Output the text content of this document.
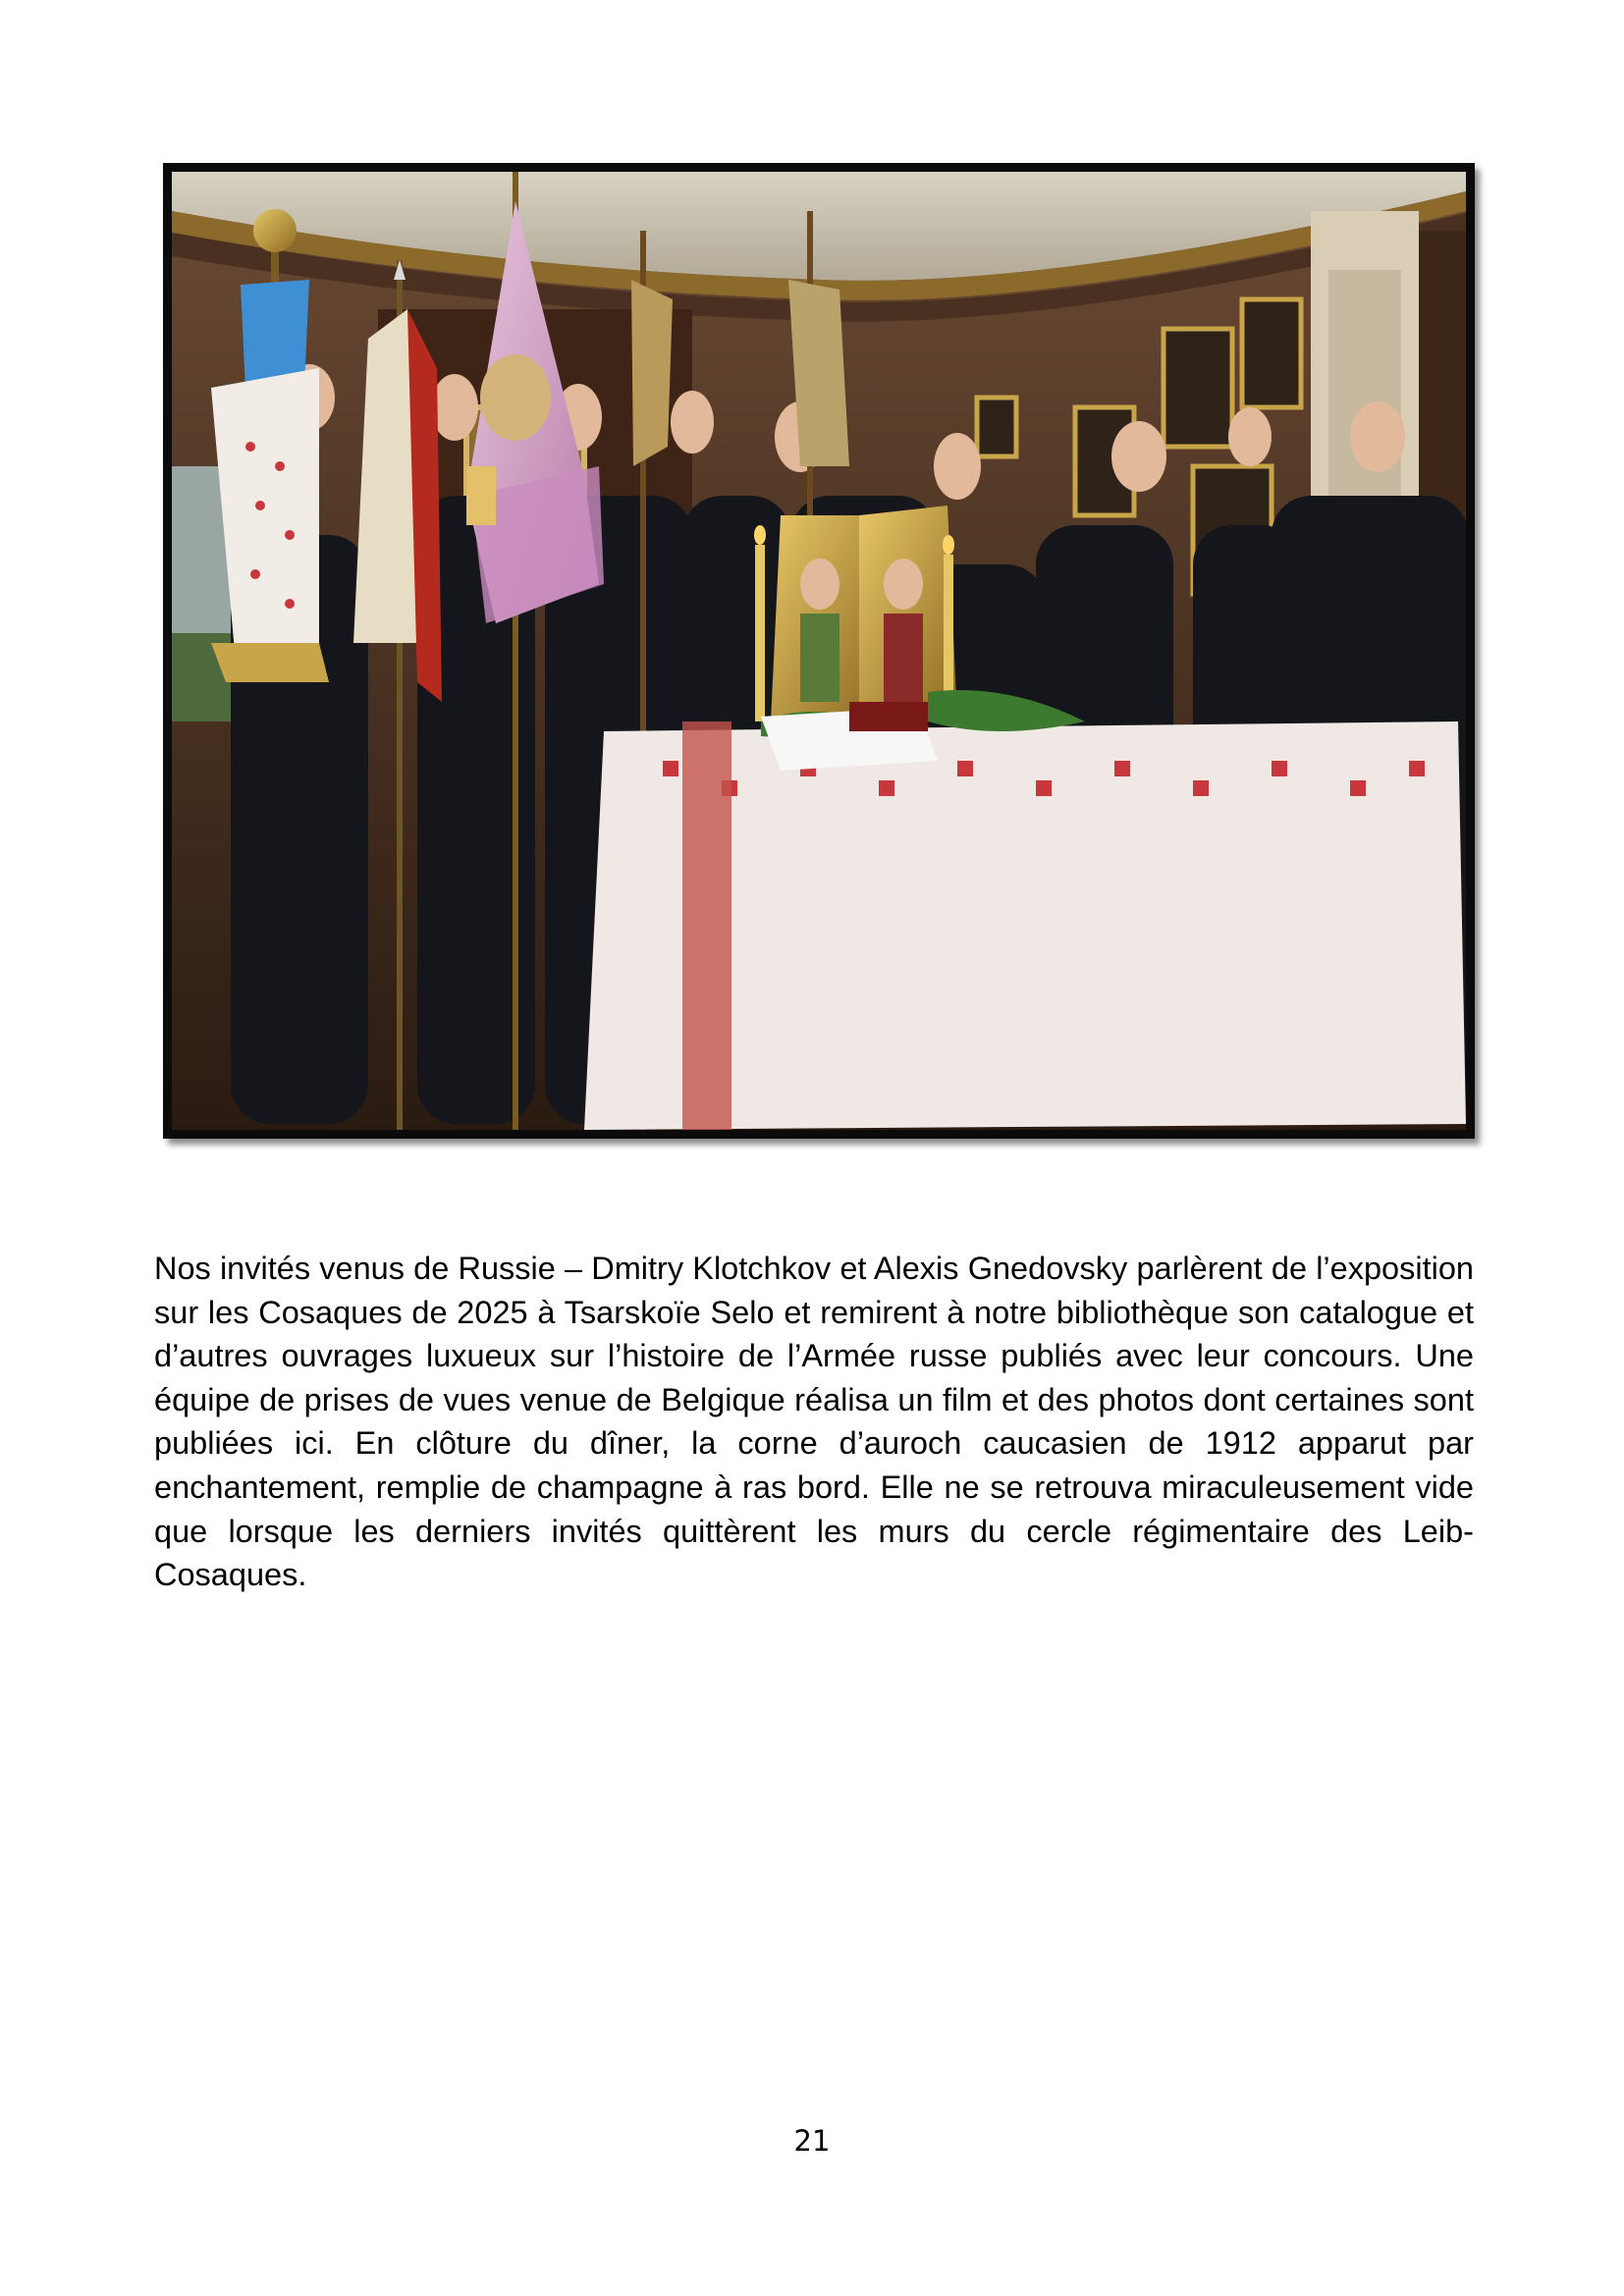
Nos invités venus de Russie – Dmitry Klotchkov et Alexis Gnedovsky parlèrent de l’exposition sur les Cosaques de 2025 à Tsarskoïe Selo et remirent à notre bibliothèque son catalogue et d’autres ouvrages luxueux sur l’histoire de l’Armée russe publiés avec leur concours. Une équipe de prises de vues venue de Belgique réalisa un film et des photos dont certaines sont publiées ici. En clôture du dîner, la corne d’auroch caucasien de 1912 apparut par enchantement, remplie de champagne à ras bord. Elle ne se retrouva miraculeusement vide que lorsque les derniers invités quittèrent les murs du cercle régimentaire des Leib-Cosaques.

21
